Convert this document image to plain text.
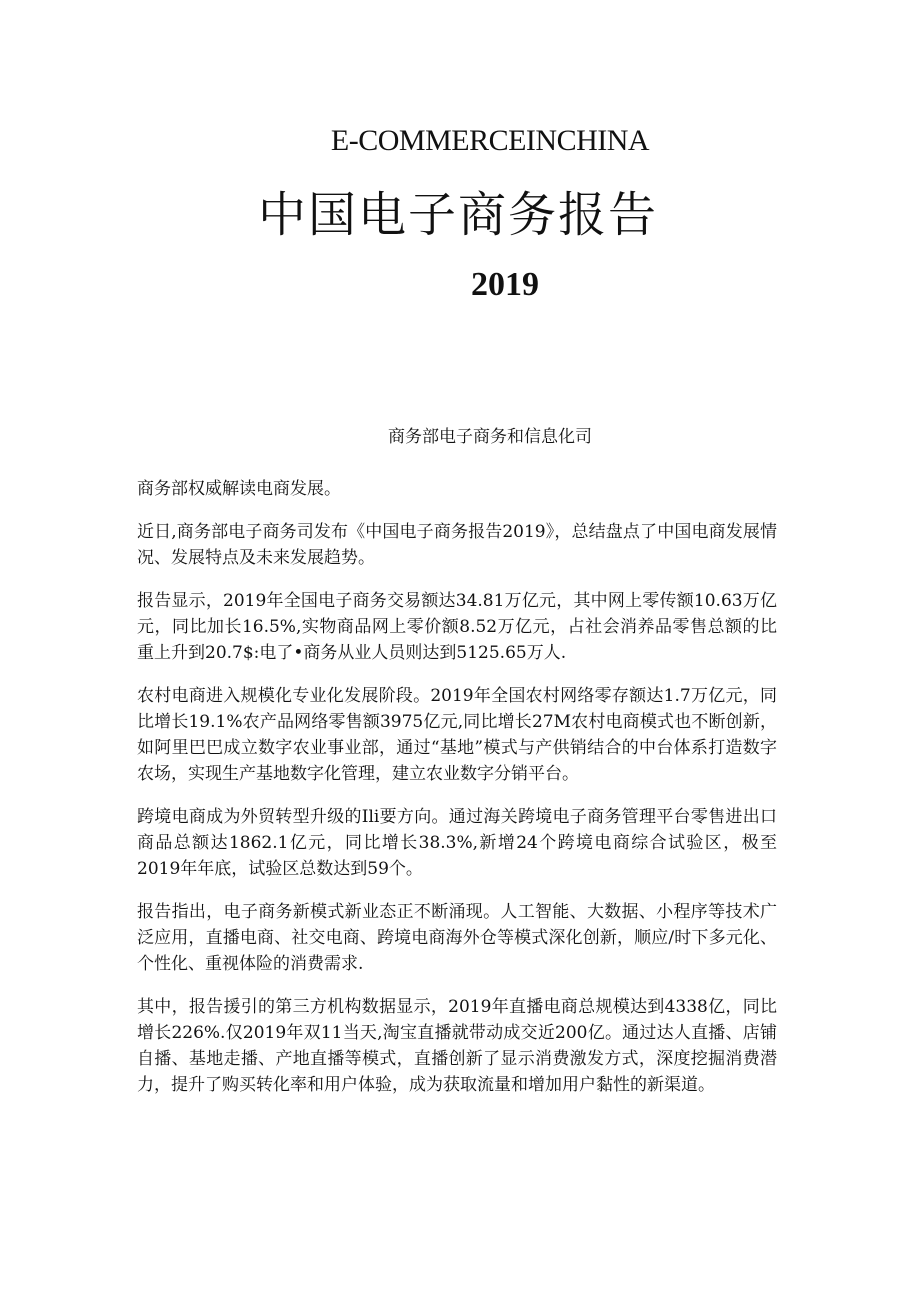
E-COMMERCEINCHINA
中国电子商务报告
2019
商务部电子商务和信息化司

商务部权威解读电商发展。

近日,商务部电子商务司发布《中国电子商务报告2019》，总结盘点了中国电商发展情况、发展特点及未来发展趋势。

报告显示，2019年全国电子商务交易额达34.81万亿元，其中网上零传额10.63万亿元，同比加长16.5%,实物商品网上零价额8.52万亿元，占社会消养品零售总额的比重上升到20.7$:电了•商务从业人员则达到5125.65万人.

农村电商进入规模化专业化发展阶段。2019年全国农村网络零存额达1.7万亿元，同比增长19.1%农产品网络零售额3975亿元,同比增长27M农村电商模式也不断创新，如阿里巴巴成立数字农业事业部，通过“基地”模式与产供销结合的中台体系打造数字农场，实现生产基地数字化管理，建立农业数字分销平台。

跨境电商成为外贸转型升级的Ili要方向。通过海关跨境电子商务管理平台零售进出口商品总额达1862.1亿元，同比增长38.3%,新增24个跨境电商综合试验区，极至2019年年底，试验区总数达到59个。

报告指出，电子商务新模式新业态正不断涌现。人工智能、大数据、小程序等技术广泛应用，直播电商、社交电商、跨境电商海外仓等模式深化创新，顺应/时下多元化、个性化、重视体险的消费需求.

其中，报告援引的第三方机构数据显示，2019年直播电商总规模达到4338亿，同比增长226%.仅2019年双11当天,淘宝直播就带动成交近200亿。通过达人直播、店铺自播、基地走播、产地直播等模式，直播创新了显示消费激发方式，深度挖掘消费潜力，提升了购买转化率和用户体验，成为获取流量和增加用户黏性的新渠道。
